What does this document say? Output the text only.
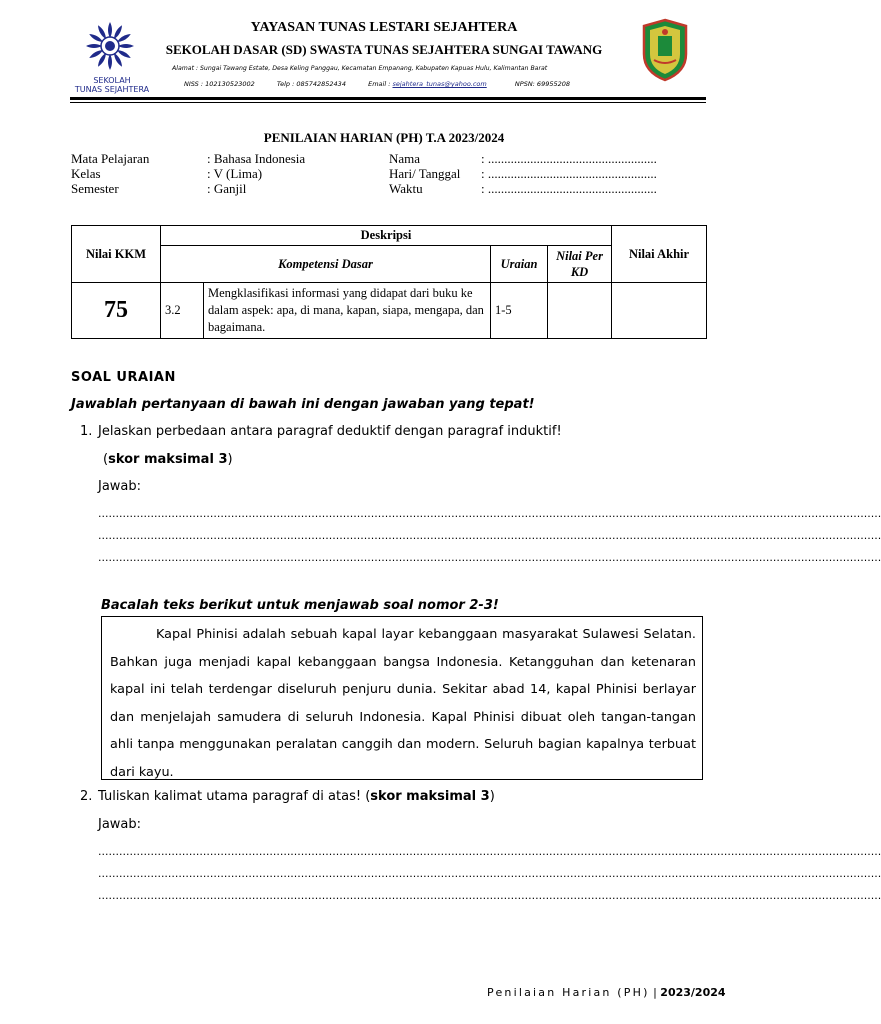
SEKOLAH
TUNAS SEJAHTERA
YAYASAN TUNAS LESTARI SEJAHTERA
SEKOLAH DASAR (SD) SWASTA TUNAS SEJAHTERA SUNGAI TAWANG
Alamat : Sungai Tawang Estate, Desa Keling Panggau, Kecamatan Empanang, Kabupaten Kapuas Hulu, Kalimantan Barat
NISS : 102130523002	Telp : 085742852434	Email : sejahtera_tunas@yahoo.com	NPSN: 69955208
PENILAIAN HARIAN (PH) T.A 2023/2024
Mata Pelajaran	: Bahasa Indonesia
Kelas	: V (Lima)
Semester	: Ganjil
Nama	: ....................................................
Hari/ Tanggal : ....................................................
Waktu	: ....................................................
Nilai KKM	Deskripsi				Nilai Akhir
	Kompetensi Dasar		Uraian	Nilai Per KD	
75	3.2	Mengklasifikasi informasi yang didapat dari buku ke dalam aspek: apa, di mana, kapan, siapa, mengapa, dan bagaimana.	1-5		
SOAL URAIAN
Jawablah pertanyaan di bawah ini dengan jawaban yang tepat!
1. Jelaskan perbedaan antara paragraf deduktif dengan paragraf induktif!
(skor maksimal 3)
Jawab:
................................................................................................................................................................................................................................
................................................................................................................................................................................................................................
................................................................................................................................................................................................................................
Bacalah teks berikut untuk menjawab soal nomor 2-3!
Kapal Phinisi adalah sebuah kapal layar kebanggaan masyarakat Sulawesi Selatan. Bahkan juga menjadi kapal kebanggaan bangsa Indonesia. Ketangguhan dan ketenaran kapal ini telah terdengar diseluruh penjuru dunia. Sekitar abad 14, kapal Phinisi berlayar dan menjelajah samudera di seluruh Indonesia. Kapal Phinisi dibuat oleh tangan-tangan ahli tanpa menggunakan peralatan canggih dan modern. Seluruh bagian kapalnya terbuat dari kayu.
2. Tuliskan kalimat utama paragraf di atas! (skor maksimal 3)
Jawab:
................................................................................................................................................................................................................................
................................................................................................................................................................................................................................
................................................................................................................................................................................................................................
Penilaian Harian (PH) | 2023/2024
